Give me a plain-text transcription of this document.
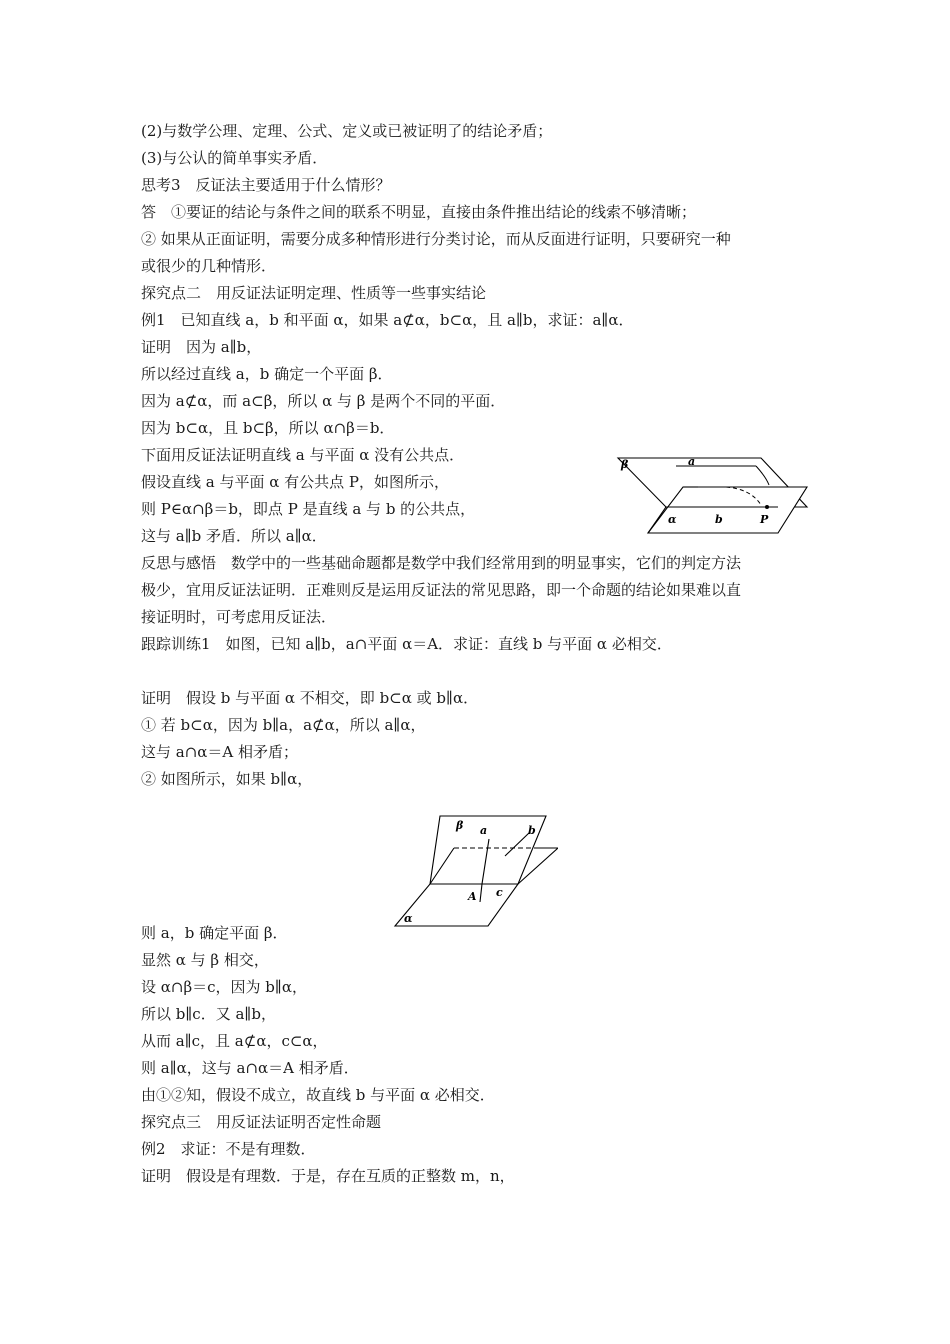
(2)与数学公理、定理、公式、定义或已被证明了的结论矛盾；
(3)与公认的简单事实矛盾．
思考3　反证法主要适用于什么情形？
答　①要证的结论与条件之间的联系不明显，直接由条件推出结论的线索不够清晰；
② 如果从正面证明，需要分成多种情形进行分类讨论，而从反面进行证明，只要研究一种
或很少的几种情形．
探究点二　用反证法证明定理、性质等一些事实结论
例1　已知直线 a，b 和平面 α，如果 a⊄α，b⊂α，且 a∥b，求证：a∥α．
证明　因为 a∥b，
所以经过直线 a，b 确定一个平面 β．
因为 a⊄α，而 a⊂β，所以 α 与 β 是两个不同的平面．
因为 b⊂α，且 b⊂β，所以 α∩β＝b．
下面用反证法证明直线 a 与平面 α 没有公共点．
假设直线 a 与平面 α 有公共点 P，如图所示，
则 P∈α∩β＝b，即点 P 是直线 a 与 b 的公共点，
这与 a∥b 矛盾．所以 a∥α．
反思与感悟　数学中的一些基础命题都是数学中我们经常用到的明显事实，它们的判定方法
极少，宜用反证法证明．正难则反是运用反证法的常见思路，即一个命题的结论如果难以直
接证明时，可考虑用反证法．
跟踪训练1　如图，已知 a∥b，a∩平面 α＝A．求证：直线 b 与平面 α 必相交．
证明　假设 b 与平面 α 不相交，即 b⊂α 或 b∥α．
① 若 b⊂α，因为 b∥a，a⊄α，所以 a∥α，
这与 a∩α＝A 相矛盾；
② 如图所示，如果 b∥α，
则 a，b 确定平面 β．
显然 α 与 β 相交，
设 α∩β＝c，因为 b∥α，
所以 b∥c．又 a∥b，
从而 a∥c，且 a⊄α，c⊂α，
则 a∥α，这与 a∩α＝A 相矛盾．
由①②知，假设不成立，故直线 b 与平面 α 必相交．
探究点三　用反证法证明否定性命题
例2　求证：不是有理数．
证明　假设是有理数．于是，存在互质的正整数 m，n，
β	a
α	b	P
β a	b
A c
α
